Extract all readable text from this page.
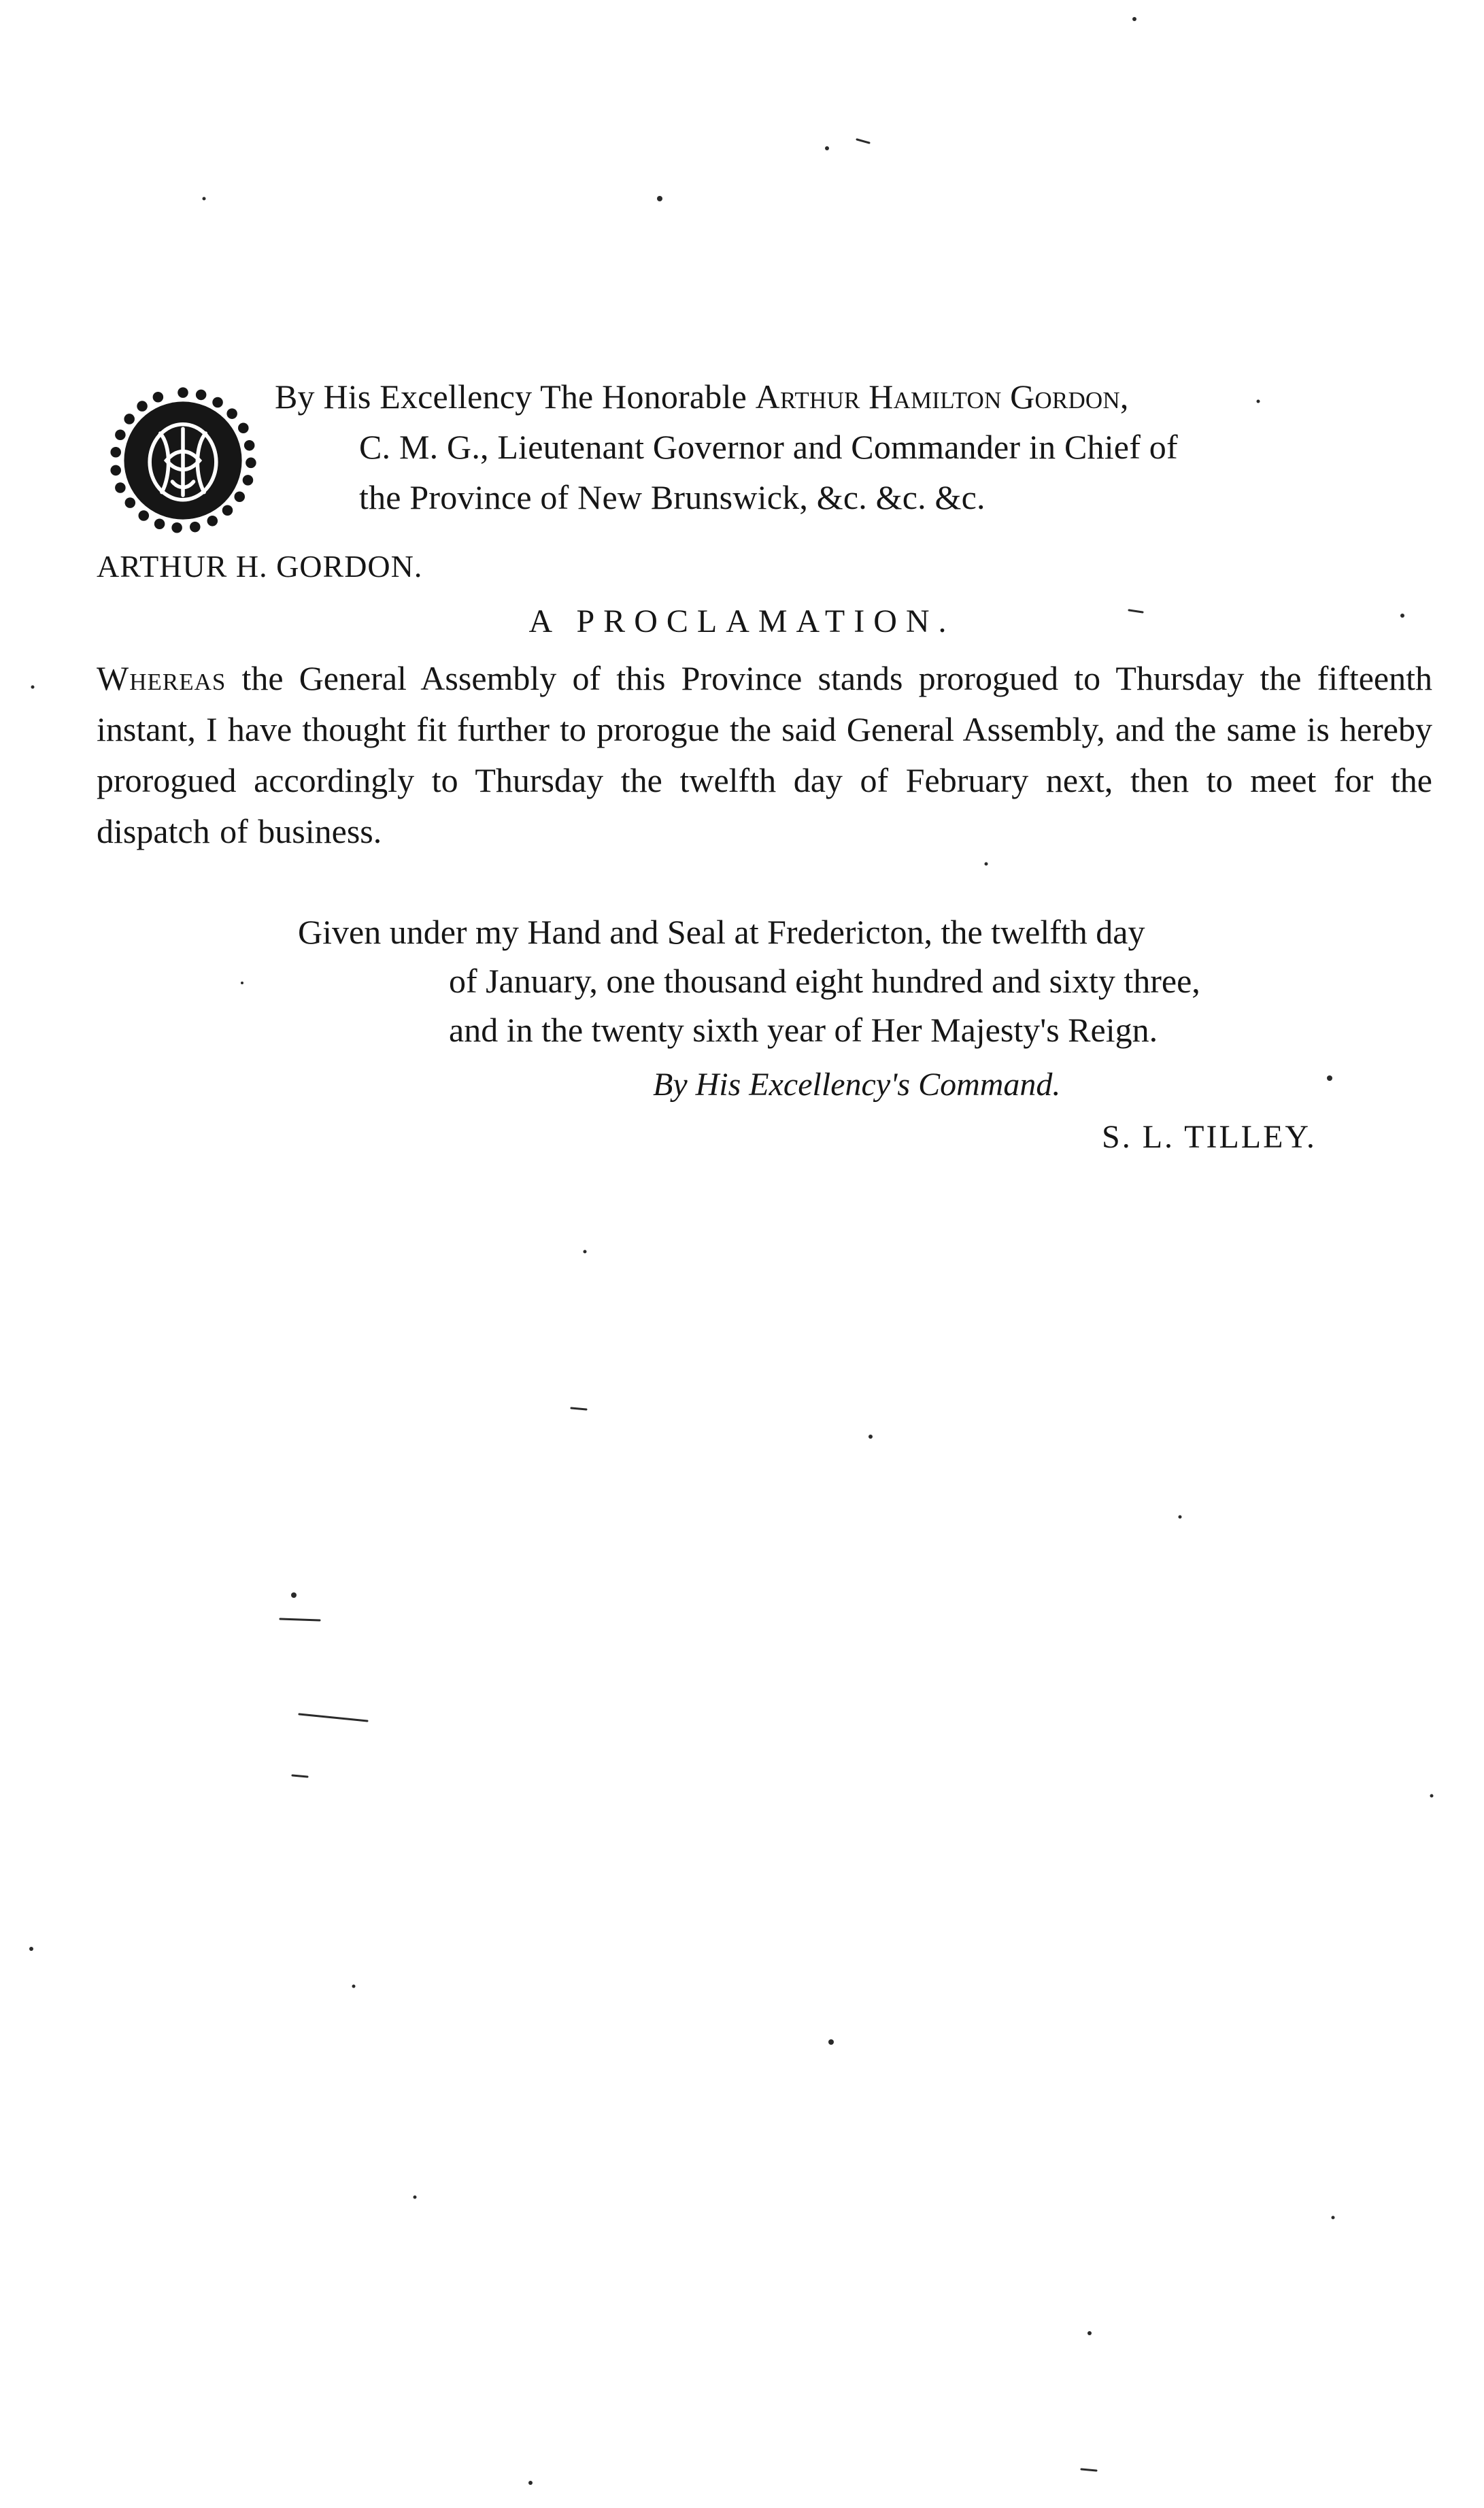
By His Excellency The Honorable Arthur Hamilton Gordon,
C. M. G., Lieutenant Governor and Commander in Chief of
the Province of New Brunswick, &c. &c. &c.
ARTHUR H. GORDON.
A PROCLAMATION.
Whereas the General Assembly of this Province stands prorogued to Thursday the fifteenth instant, I have thought fit further to prorogue the said General Assembly, and the same is hereby prorogued accordingly to Thursday the twelfth day of February next, then to meet for the dispatch of business.
Given under my Hand and Seal at Fredericton, the twelfth day
of January, one thousand eight hundred and sixty three,
and in the twenty sixth year of Her Majesty's Reign.
By His Excellency's Command.
S. L. TILLEY.
